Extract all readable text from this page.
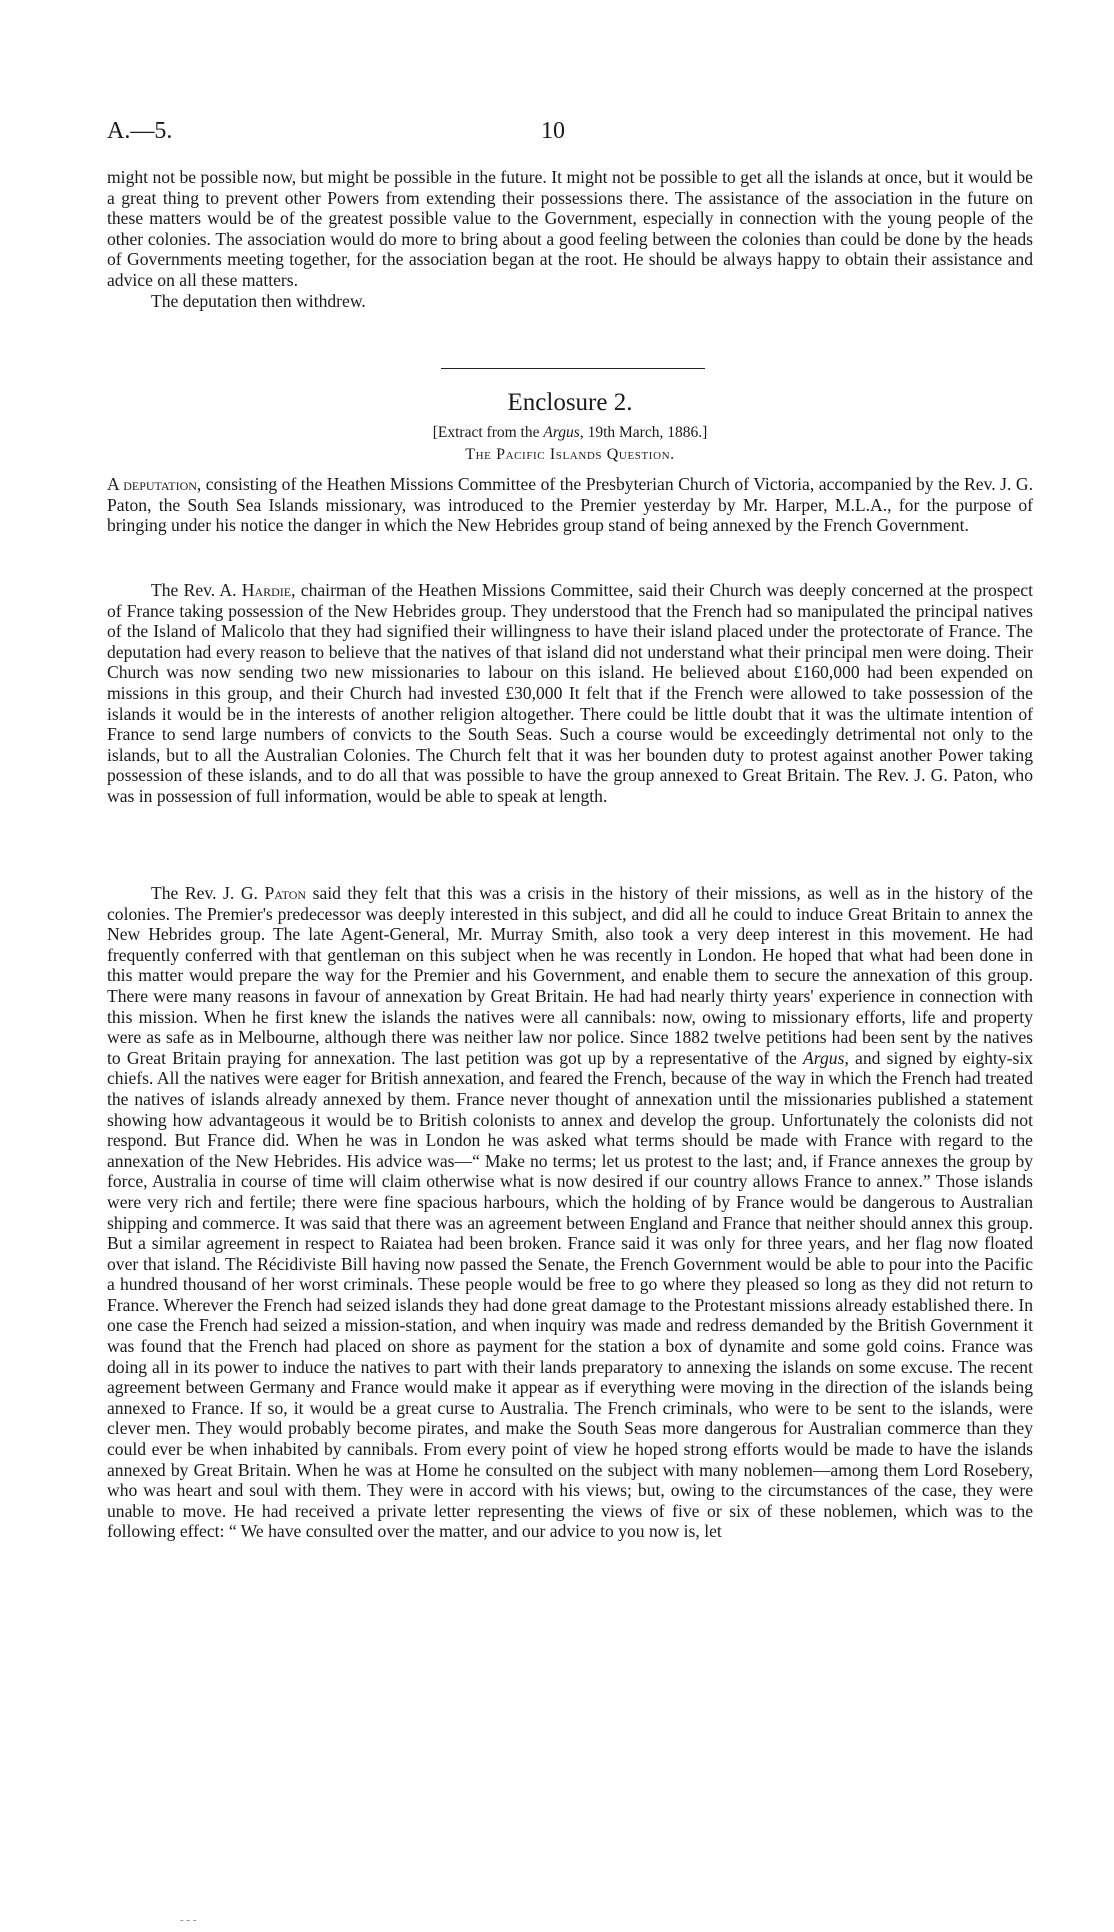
A.—5.	10

might not be possible now, but might be possible in the future. It might not be possible to get all the islands at once, but it would be a great thing to prevent other Powers from extending their possessions there. The assistance of the association in the future on these matters would be of the greatest possible value to the Government, especially in connection with the young people of the other colonies. The association would do more to bring about a good feeling between the colonies than could be done by the heads of Governments meeting together, for the association began at the root. He should be always happy to obtain their assistance and advice on all these matters.

The deputation then withdrew.

Enclosure 2.
[Extract from the Argus, 19th March, 1886.]
The Pacific Islands Question.

A deputation, consisting of the Heathen Missions Committee of the Presbyterian Church of Victoria, accompanied by the Rev. J. G. Paton, the South Sea Islands missionary, was introduced to the Premier yesterday by Mr. Harper, M.L.A., for the purpose of bringing under his notice the danger in which the New Hebrides group stand of being annexed by the French Government.

The Rev. A. Hardie, chairman of the Heathen Missions Committee, said their Church was deeply concerned at the prospect of France taking possession of the New Hebrides group. They understood that the French had so manipulated the principal natives of the Island of Malicolo that they had signified their willingness to have their island placed under the protectorate of France. The deputation had every reason to believe that the natives of that island did not understand what their principal men were doing. Their Church was now sending two new missionaries to labour on this island. He believed about £160,000 had been expended on missions in this group, and their Church had invested £30,000 It felt that if the French were allowed to take possession of the islands it would be in the interests of another religion altogether. There could be little doubt that it was the ultimate intention of France to send large numbers of convicts to the South Seas. Such a course would be exceedingly detrimental not only to the islands, but to all the Australian Colonies. The Church felt that it was her bounden duty to protest against another Power taking possession of these islands, and to do all that was possible to have the group annexed to Great Britain. The Rev. J. G. Paton, who was in possession of full information, would be able to speak at length.

The Rev. J. G. Paton said they felt that this was a crisis in the history of their missions, as well as in the history of the colonies. The Premier's predecessor was deeply interested in this subject, and did all he could to induce Great Britain to annex the New Hebrides group. The late Agent-General, Mr. Murray Smith, also took a very deep interest in this movement. He had frequently conferred with that gentleman on this subject when he was recently in London. He hoped that what had been done in this matter would prepare the way for the Premier and his Government, and enable them to secure the annexation of this group. There were many reasons in favour of annexation by Great Britain. He had had nearly thirty years' experience in connection with this mission. When he first knew the islands the natives were all cannibals: now, owing to missionary efforts, life and property were as safe as in Melbourne, although there was neither law nor police. Since 1882 twelve petitions had been sent by the natives to Great Britain praying for annexation. The last petition was got up by a representative of the Argus, and signed by eighty-six chiefs. All the natives were eager for British annexation, and feared the French, because of the way in which the French had treated the natives of islands already annexed by them. France never thought of annexation until the missionaries published a statement showing how advantageous it would be to British colonists to annex and develop the group. Unfortunately the colonists did not respond. But France did. When he was in London he was asked what terms should be made with France with regard to the annexation of the New Hebrides. His advice was—“ Make no terms; let us protest to the last; and, if France annexes the group by force, Australia in course of time will claim otherwise what is now desired if our country allows France to annex.” Those islands were very rich and fertile; there were fine spacious harbours, which the holding of by France would be dangerous to Australian shipping and commerce. It was said that there was an agreement between England and France that neither should annex this group. But a similar agreement in respect to Raiatea had been broken. France said it was only for three years, and her flag now floated over that island. The Récidiviste Bill having now passed the Senate, the French Government would be able to pour into the Pacific a hundred thousand of her worst criminals. These people would be free to go where they pleased so long as they did not return to France. Wherever the French had seized islands they had done great damage to the Protestant missions already established there. In one case the French had seized a mission-station, and when inquiry was made and redress demanded by the British Government it was found that the French had placed on shore as payment for the station a box of dynamite and some gold coins. France was doing all in its power to induce the natives to part with their lands preparatory to annexing the islands on some excuse. The recent agreement between Germany and France would make it appear as if everything were moving in the direction of the islands being annexed to France. If so, it would be a great curse to Australia. The French criminals, who were to be sent to the islands, were clever men. They would probably become pirates, and make the South Seas more dangerous for Australian commerce than they could ever be when inhabited by cannibals. From every point of view he hoped strong efforts would be made to have the islands annexed by Great Britain. When he was at Home he consulted on the subject with many noblemen—among them Lord Rosebery, who was heart and soul with them. They were in accord with his views; but, owing to the circumstances of the case, they were unable to move. He had received a private letter representing the views of five or six of these noblemen, which was to the following effect: “ We have consulted over the matter, and our advice to you now is, let

- - -
